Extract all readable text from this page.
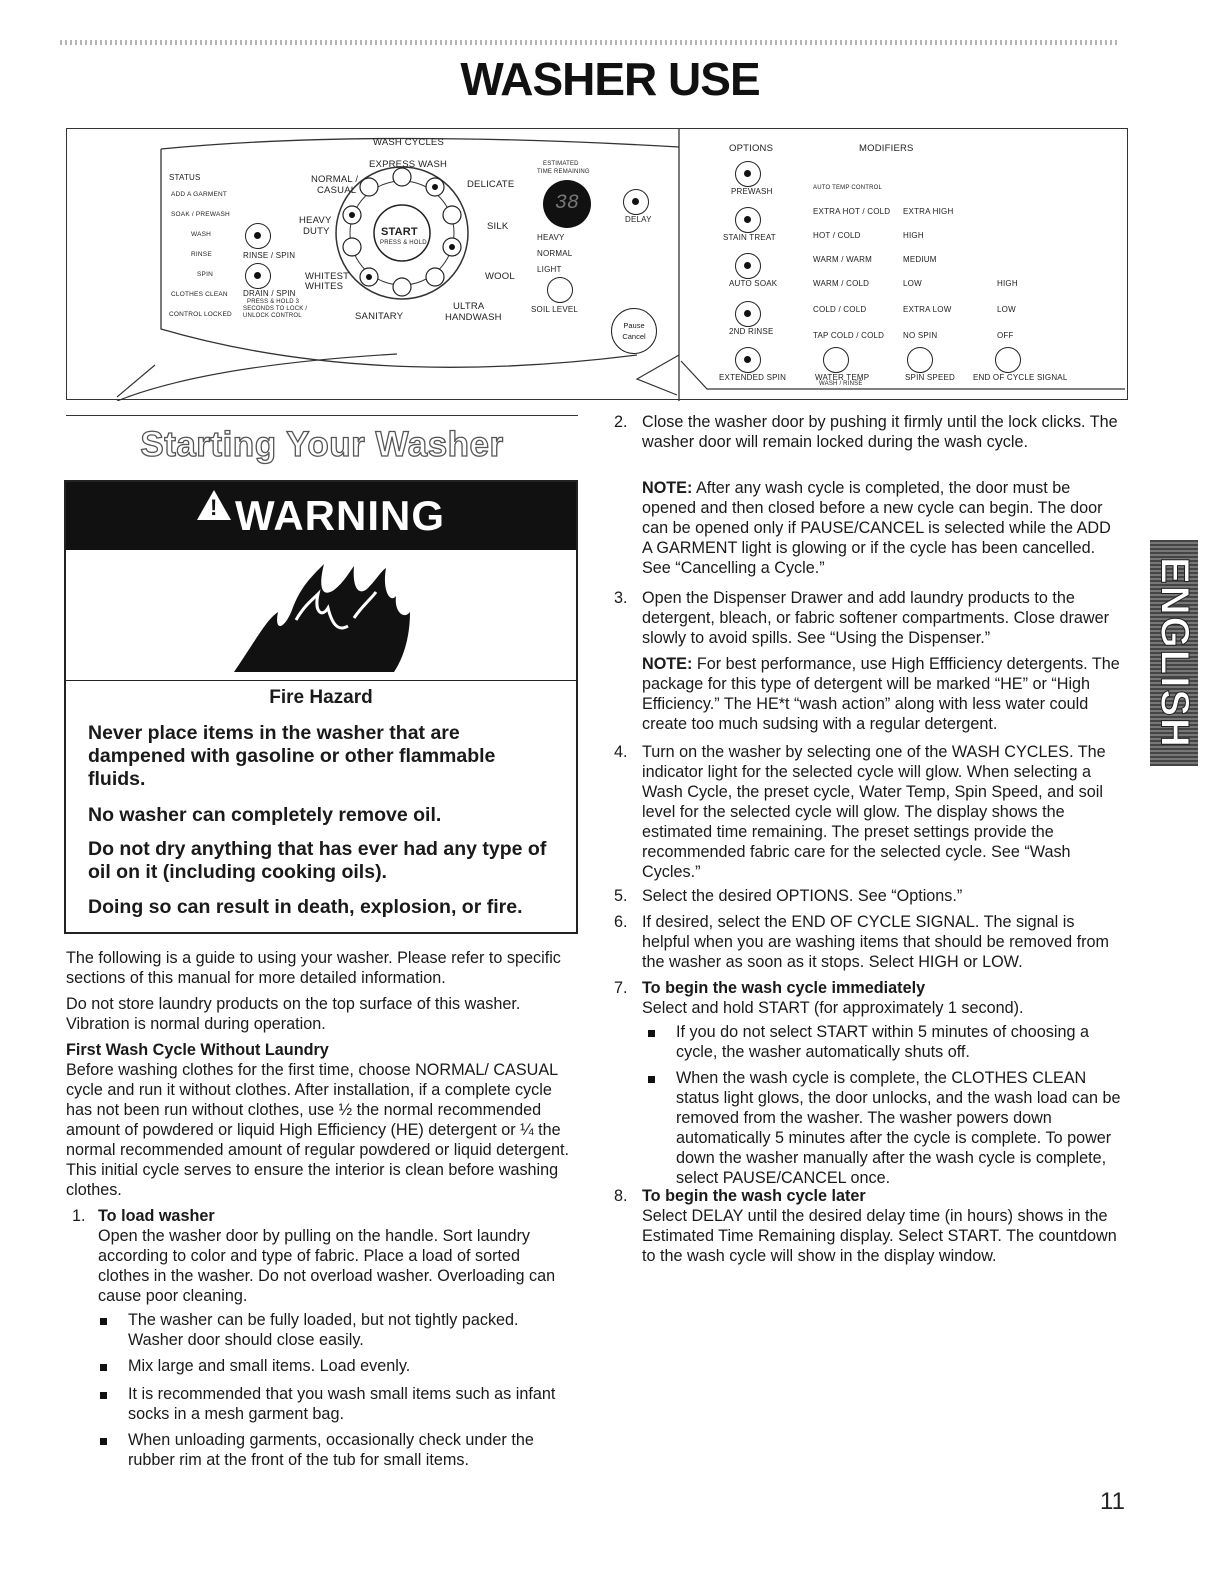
WASHER USE
WASH CYCLES
EXPRESS WASH
NORMAL /
CASUAL
DELICATE
HEAVY
DUTY	SILK
WHITEST
WHITES
WOOL
ULTRA
HANDWASH
SANITARY
START
PRESS & HOLD
STATUS
ADD A GARMENT
SOAK / PREWASH
WASH
RINSE
SPIN
CLOTHES CLEAN
CONTROL LOCKED
RINSE / SPIN
DRAIN / SPIN
PRESS & HOLD 3
SECONDS TO LOCK /
UNLOCK CONTROL
ESTIMATED
TIME REMAINING
38
DELAY
HEAVY
NORMAL
LIGHT
SOIL LEVEL
Pause
Cancel
OPTIONS	MODIFIERS
PREWASH
STAIN TREAT
AUTO SOAK
2ND RINSE
EXTENDED SPIN
AUTO TEMP CONTROL
EXTRA HOT / COLD
HOT / COLD
WARM / WARM
WARM / COLD
COLD / COLD
TAP COLD / COLD
EXTRA HIGH
HIGH
MEDIUM
LOW
EXTRA LOW
NO SPIN
HIGH
LOW
OFF
WATER TEMP
WASH / RINSE
SPIN SPEED END OF CYCLE SIGNAL
Starting Your Washer
!WARNING
Fire Hazard
Never place items in the washer that are dampened with gasoline or other flammable fluids.
No washer can completely remove oil.
Do not dry anything that has ever had any type of oil on it (including cooking oils).
Doing so can result in death, explosion, or fire.
The following is a guide to using your washer. Please refer to specific sections of this manual for more detailed information.
Do not store laundry products on the top surface of this washer. Vibration is normal during operation.
First Wash Cycle Without Laundry
Before washing clothes for the first time, choose NORMAL/ CASUAL cycle and run it without clothes. After installation, if a complete cycle has not been run without clothes, use ½ the normal recommended amount of powdered or liquid High Efficiency (HE) detergent or ¼ the normal recommended amount of regular powdered or liquid detergent. This initial cycle serves to ensure the interior is clean before washing clothes.
1. To load washer
Open the washer door by pulling on the handle. Sort laundry according to color and type of fabric. Place a load of sorted clothes in the washer. Do not overload washer. Overloading can cause poor cleaning.
The washer can be fully loaded, but not tightly packed. Washer door should close easily.
Mix large and small items. Load evenly.
It is recommended that you wash small items such as infant socks in a mesh garment bag.
When unloading garments, occasionally check under the rubber rim at the front of the tub for small items.
2. Close the washer door by pushing it firmly until the lock clicks. The washer door will remain locked during the wash cycle.
NOTE: After any wash cycle is completed, the door must be opened and then closed before a new cycle can begin. The door can be opened only if PAUSE/CANCEL is selected while the ADD A GARMENT light is glowing or if the cycle has been cancelled. See “Cancelling a Cycle.”
3. Open the Dispenser Drawer and add laundry products to the detergent, bleach, or fabric softener compartments. Close drawer slowly to avoid spills. See “Using the Dispenser.”
NOTE: For best performance, use High Effficiency detergents. The package for this type of detergent will be marked “HE” or “High Efficiency.” The HE*t “wash action” along with less water could create too much sudsing with a regular detergent.
4. Turn on the washer by selecting one of the WASH CYCLES. The indicator light for the selected cycle will glow. When selecting a Wash Cycle, the preset cycle, Water Temp, Spin Speed, and soil level for the selected cycle will glow. The display shows the estimated time remaining. The preset settings provide the recommended fabric care for the selected cycle. See “Wash Cycles.”
5. Select the desired OPTIONS. See “Options.”
6. If desired, select the END OF CYCLE SIGNAL. The signal is helpful when you are washing items that should be removed from the washer as soon as it stops. Select HIGH or LOW.
7. To begin the wash cycle immediately
Select and hold START (for approximately 1 second).
If you do not select START within 5 minutes of choosing a cycle, the washer automatically shuts off.
When the wash cycle is complete, the CLOTHES CLEAN status light glows, the door unlocks, and the wash load can be removed from the washer. The washer powers down automatically 5 minutes after the cycle is complete. To power down the washer manually after the wash cycle is complete, select PAUSE/CANCEL once.
8. To begin the wash cycle later
Select DELAY until the desired delay time (in hours) shows in the Estimated Time Remaining display. Select START. The countdown to the wash cycle will show in the display window.
ENGLISH
11
